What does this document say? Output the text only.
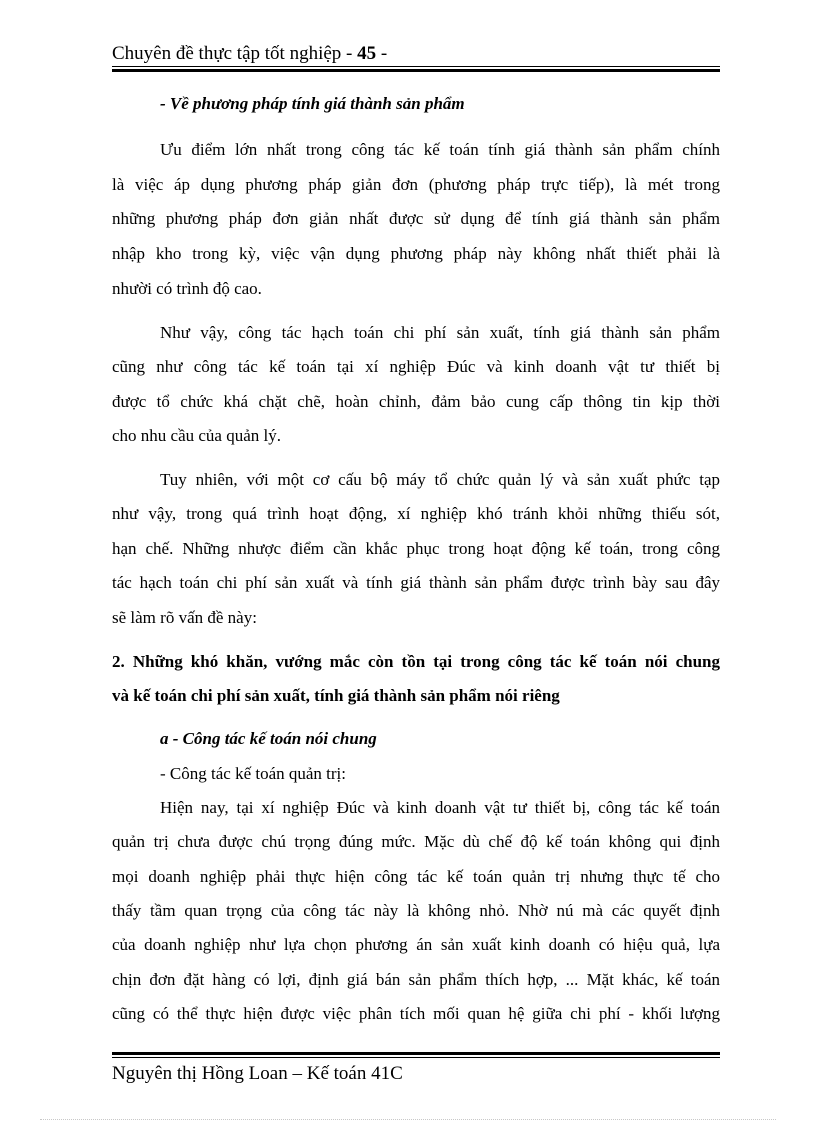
Chuyên đề thực tập tốt nghiệp - 45 -
- Về phương pháp tính giá thành sản phẩm
Ưu điểm lớn nhất trong công tác kế toán tính giá thành sản phẩm chính
là việc áp dụng phương pháp giản đơn (phương pháp trực tiếp), là mét trong
những phương pháp đơn giản nhất được sử dụng để tính giá thành sản phẩm
nhập kho trong kỳ, việc vận dụng phương pháp này không nhất thiết phải là
nhười có trình độ cao.
Như vậy, công tác hạch toán chi phí sản xuất, tính giá thành sản phẩm
cũng như công tác kế toán tại xí nghiệp Đúc và kinh doanh vật tư thiết bị
được tổ chức khá chặt chẽ, hoàn chỉnh, đảm bảo cung cấp thông tin kịp thời
cho nhu cầu của quản lý.
Tuy nhiên, với một cơ cấu bộ máy tổ chức quản lý và sản xuất phức tạp
như vậy, trong quá trình hoạt động, xí nghiệp khó tránh khỏi những thiếu sót,
hạn chế. Những nhược điểm cần khắc phục trong hoạt động kế toán, trong công
tác hạch toán chi phí sản xuất và tính giá thành sản phẩm được trình bày sau đây
sẽ làm rõ vấn đề này:
2. Những khó khăn, vướng mắc còn tồn tại trong công tác kế toán nói chung
và kế toán chi phí sản xuất, tính giá thành sản phẩm nói riêng
a - Công tác kế toán nói chung
- Công tác kế toán quản trị:
Hiện nay, tại xí nghiệp Đúc và kinh doanh vật tư thiết bị, công tác kế toán
quản trị chưa được chú trọng đúng mức. Mặc dù chế độ kế toán không qui định
mọi doanh nghiệp phải thực hiện công tác kế toán quản trị nhưng thực tế cho
thấy tầm quan trọng của công tác này là không nhỏ. Nhờ nú mà các quyết định
của doanh nghiệp như lựa chọn phương án sản xuất kinh doanh có hiệu quả, lựa
chịn đơn đặt hàng có lợi, định giá bán sản phẩm thích hợp, ... Mặt khác, kế toán
cũng có thể thực hiện được việc phân tích mối quan hệ giữa chi phí - khối lượng
Nguyên thị Hồng Loan – Kế toán 41C
